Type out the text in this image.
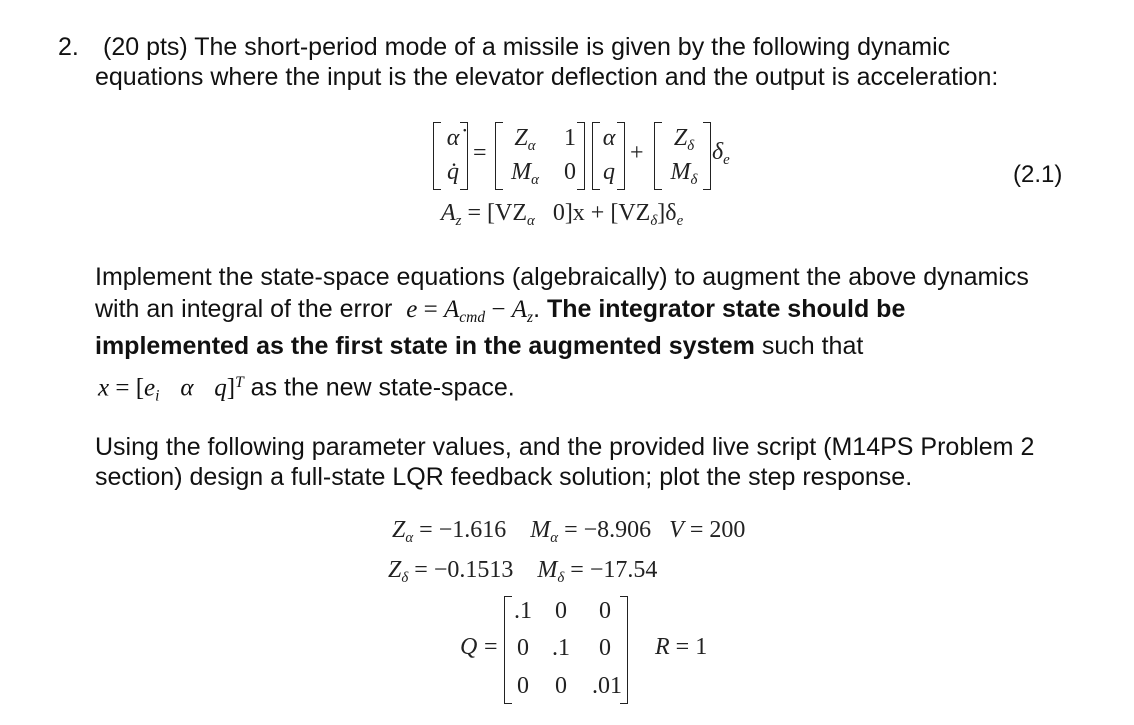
2. (20 pts) The short-period mode of a missile is given by the following dynamic
equations where the input is the elevator deflection and the output is acceleration:
α̇
q̇
=
$Z_\alpha$	1
$M_\alpha$ 0
α
q
+
$Z_\delta$
$M_\delta$
$\delta_e$
(2.1)
$A_z = [VZ_\alpha$ $0]x + [VZ_\delta]\delta_e$
Implement the state-space equations (algebraically) to augment the above dynamics
with an integral of the error $e = A_{cmd} - A_z$. The integrator state should be
implemented as the first state in the augmented system such that
$x = [e_i$ α q]$^T$ as the new state-space.
Using the following parameter values, and the provided live script (M14PS Problem 2
section) design a full-state LQR feedback solution; plot the step response.
$Z_\alpha = -1.616$ $M_\alpha = -8.906$ V = 200
$Z_\delta = -0.1513$ $M_\delta = -17.54$
Q =
.1 0	0
0 .1	0
0	0 .01
R = 1
